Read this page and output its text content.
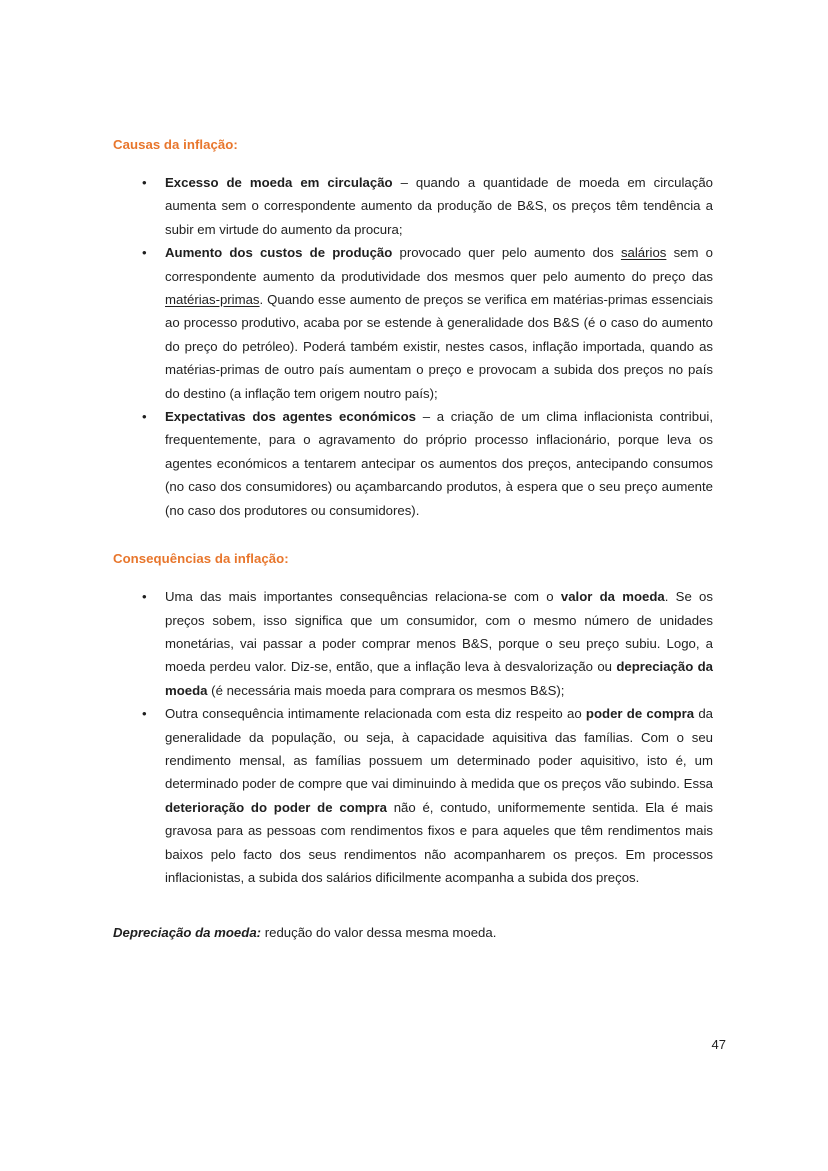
Causas da inflação:
• Excesso de moeda em circulação – quando a quantidade de moeda em circulação aumenta sem o correspondente aumento da produção de B&S, os preços têm tendência a subir em virtude do aumento da procura;
• Aumento dos custos de produção provocado quer pelo aumento dos salários sem o correspondente aumento da produtividade dos mesmos quer pelo aumento do preço das matérias-primas. Quando esse aumento de preços se verifica em matérias-primas essenciais ao processo produtivo, acaba por se estende à generalidade dos B&S (é o caso do aumento do preço do petróleo). Poderá também existir, nestes casos, inflação importada, quando as matérias-primas de outro país aumentam o preço e provocam a subida dos preços no país do destino (a inflação tem origem noutro país);
• Expectativas dos agentes económicos – a criação de um clima inflacionista contribui, frequentemente, para o agravamento do próprio processo inflacionário, porque leva os agentes económicos a tentarem antecipar os aumentos dos preços, antecipando consumos (no caso dos consumidores) ou açambarcando produtos, à espera que o seu preço aumente (no caso dos produtores ou consumidores).
Consequências da inflação:
• Uma das mais importantes consequências relaciona-se com o valor da moeda. Se os preços sobem, isso significa que um consumidor, com o mesmo número de unidades monetárias, vai passar a poder comprar menos B&S, porque o seu preço subiu. Logo, a moeda perdeu valor. Diz-se, então, que a inflação leva à desvalorização ou depreciação da moeda (é necessária mais moeda para comprara os mesmos B&S);
• Outra consequência intimamente relacionada com esta diz respeito ao poder de compra da generalidade da população, ou seja, à capacidade aquisitiva das famílias. Com o seu rendimento mensal, as famílias possuem um determinado poder aquisitivo, isto é, um determinado poder de compre que vai diminuindo à medida que os preços vão subindo. Essa deterioração do poder de compra não é, contudo, uniformemente sentida. Ela é mais gravosa para as pessoas com rendimentos fixos e para aqueles que têm rendimentos mais baixos pelo facto dos seus rendimentos não acompanharem os preços. Em processos inflacionistas, a subida dos salários dificilmente acompanha a subida dos preços.

Depreciação da moeda: redução do valor dessa mesma moeda.

47
